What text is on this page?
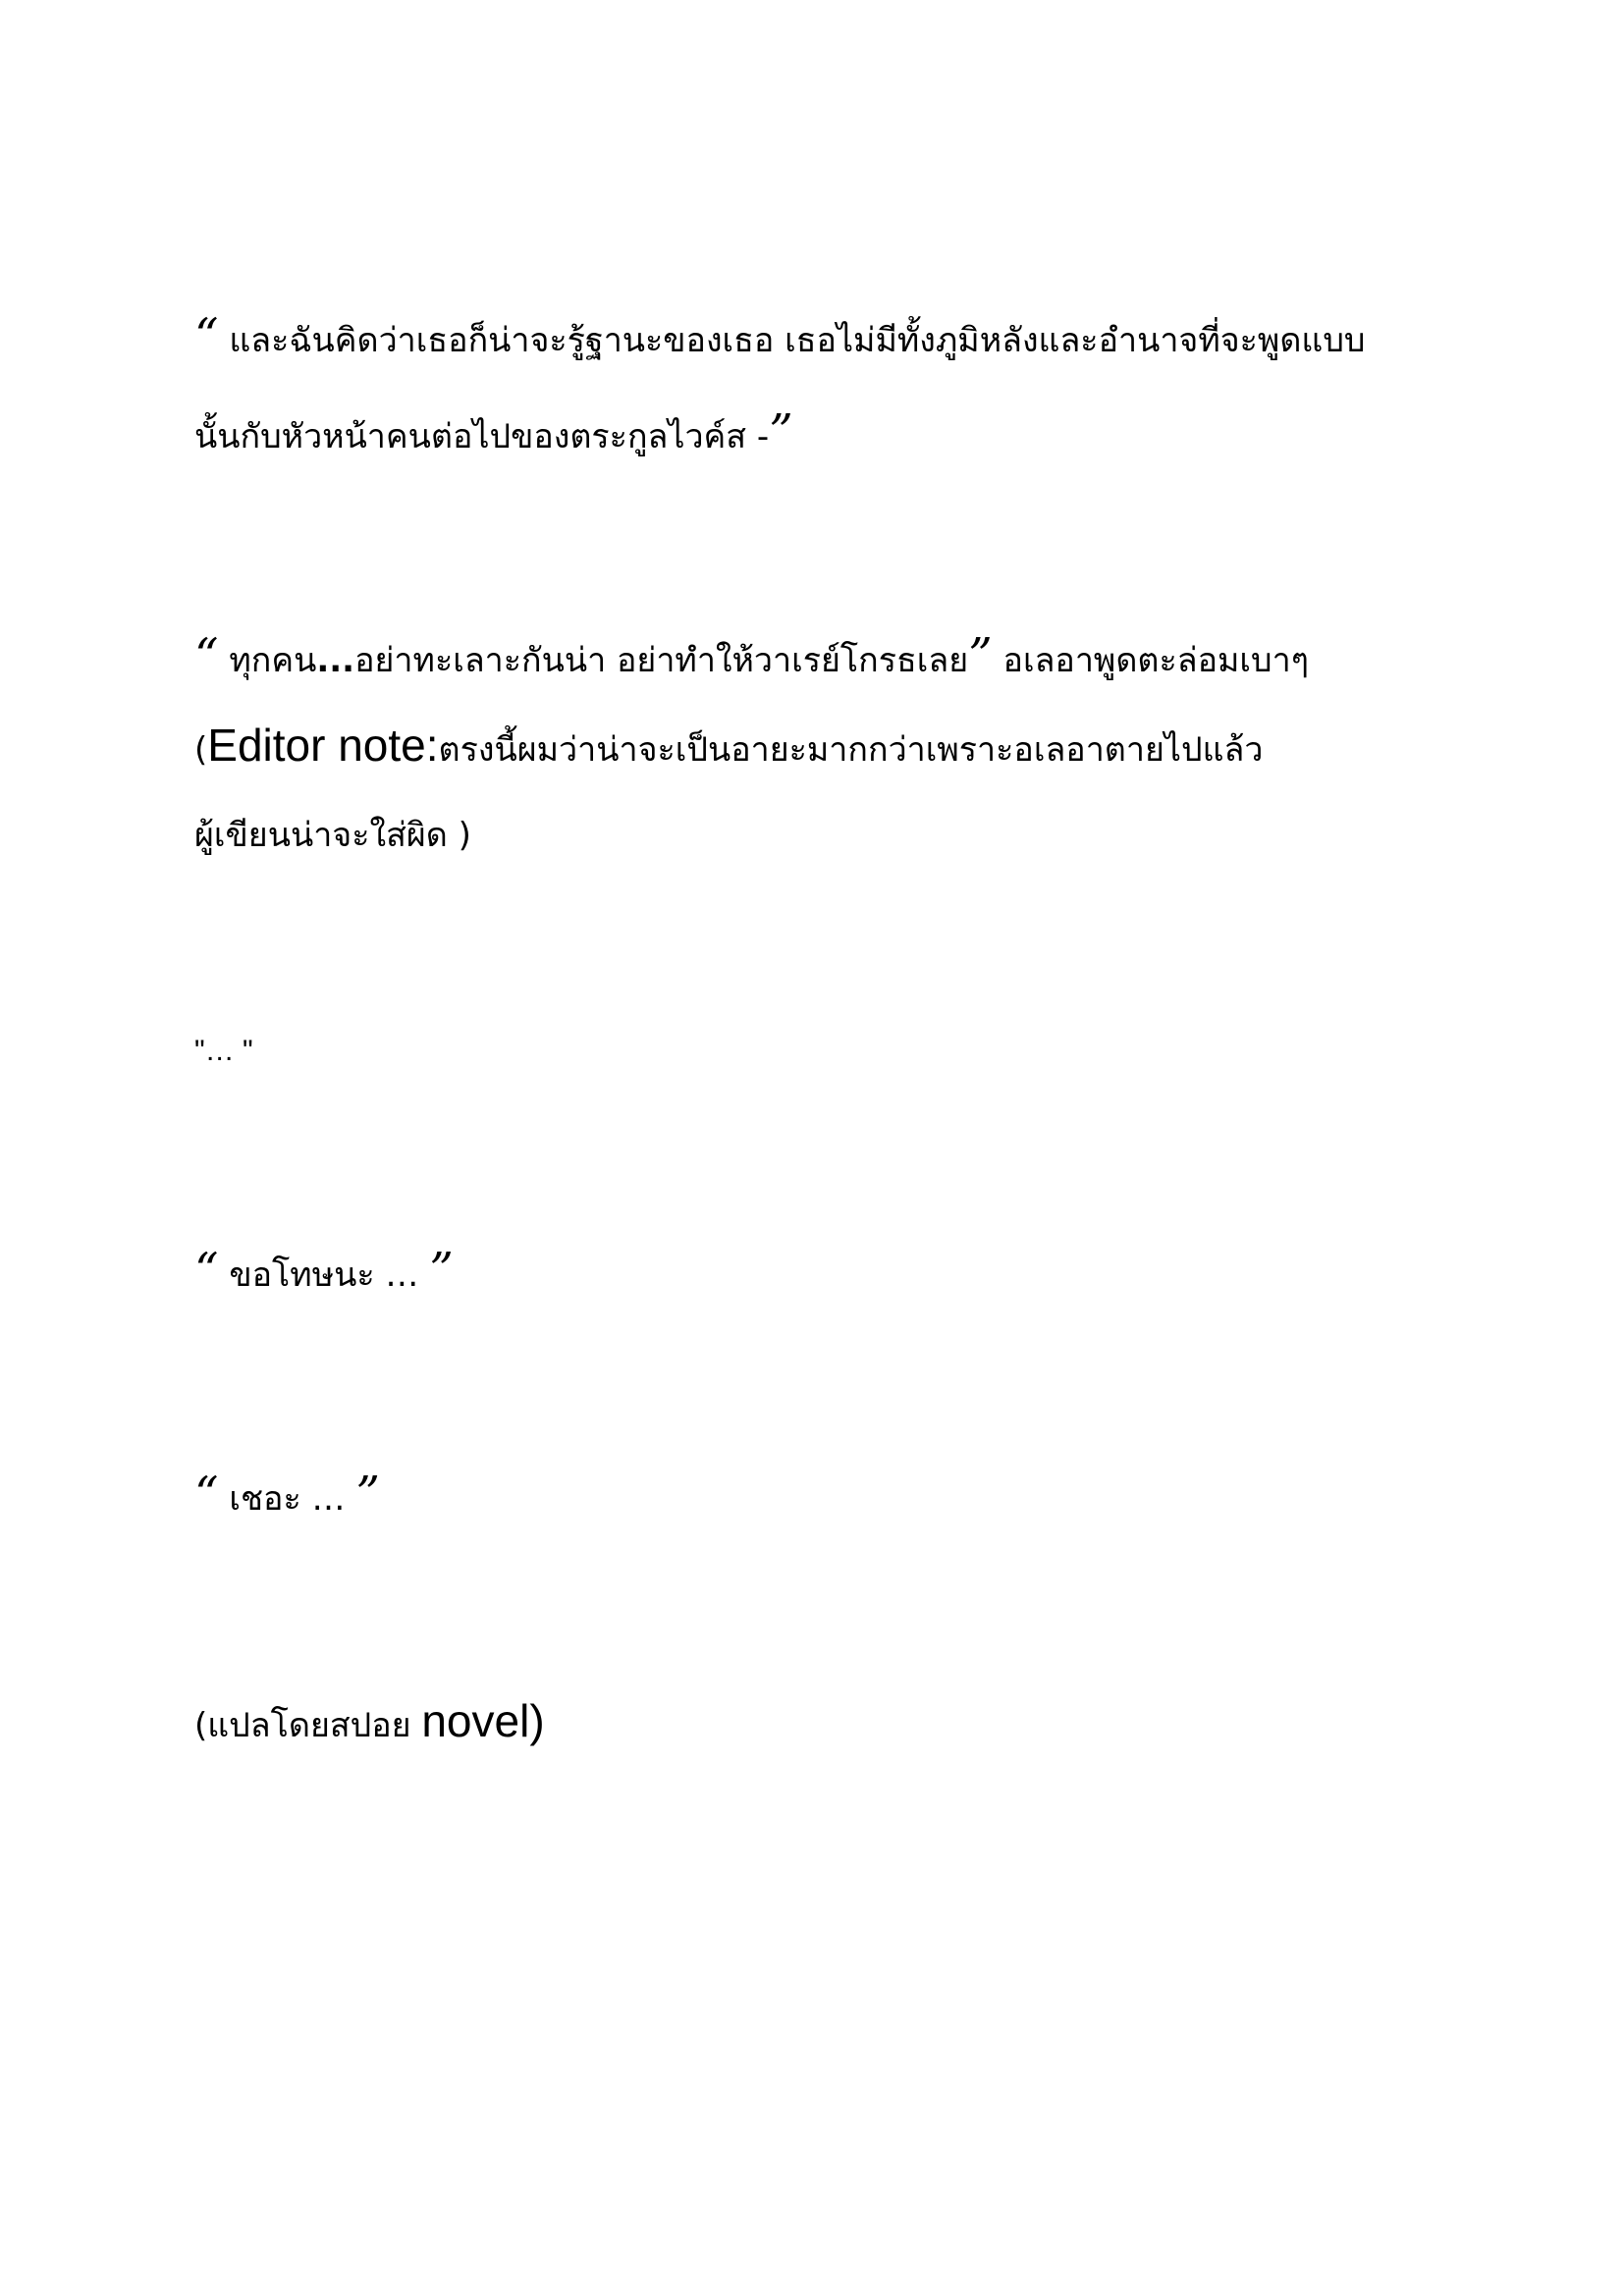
“ และฉันคิดว่าเธอก็น่าจะรู้ฐานะของเธอ เธอไม่มีทั้งภูมิหลังและอำนาจที่จะพูดแบบ
นั้นกับหัวหน้าคนต่อไปของตระกูลไวค์ส -”
“ ทุกคน...อย่าทะเลาะกันน่า อย่าทำให้วาเรย์โกรธเลย” อเลอาพูดตะล่อมเบาๆ
(Editor note:ตรงนี้ผมว่าน่าจะเป็นอายะมากกว่าเพราะอเลอาตายไปแล้ว
ผู้เขียนน่าจะใส่ผิด )
"… "
“ ขอโทษนะ … ”
“ เชอะ … ”
(แปลโดยสปอย novel)
